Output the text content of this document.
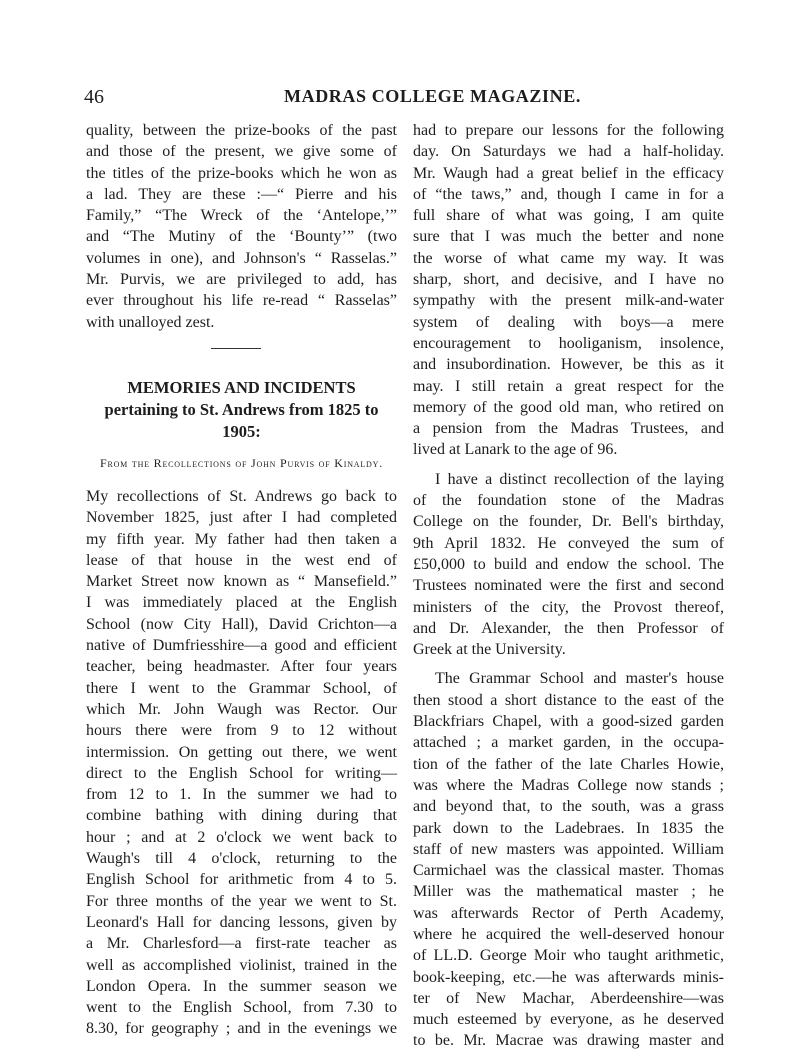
46	MADRAS COLLEGE MAGAZINE.
quality, between the prize-books of the past
and those of the present, we give some of
the titles of the prize-books which he won as
a lad. They are these :—“ Pierre and his
Family,” “The Wreck of the ‘Antelope,’”
and “The Mutiny of the ‘Bounty’” (two
volumes in one), and Johnson's “ Rasselas.”
Mr. Purvis, we are privileged to add, has
ever throughout his life re-read “ Rasselas”
with unalloyed zest.
MEMORIES AND INCIDENTS
pertaining to St. Andrews from 1825 to 1905:
From the Recollections of John Purvis of Kinaldy.
My recollections of St. Andrews go back to
November 1825, just after I had completed
my fifth year. My father had then taken a
lease of that house in the west end of
Market Street now known as “ Mansefield.”
I was immediately placed at the English
School (now City Hall), David Crichton—a
native of Dumfriesshire—a good and efficient
teacher, being headmaster. After four years
there I went to the Grammar School, of
which Mr. John Waugh was Rector. Our
hours there were from 9 to 12 without
intermission. On getting out there, we went
direct to the English School for writing—
from 12 to 1. In the summer we had to
combine bathing with dining during that
hour ; and at 2 o'clock we went back to
Waugh's till 4 o'clock, returning to the
English School for arithmetic from 4 to 5.
For three months of the year we went to St.
Leonard's Hall for dancing lessons, given by
a Mr. Charlesford—a first-rate teacher as
well as accomplished violinist, trained in the
London Opera. In the summer season we
went to the English School, from 7.30 to
8.30, for geography ; and in the evenings we
had to prepare our lessons for the following
day. On Saturdays we had a half-holiday.
Mr. Waugh had a great belief in the efficacy
of “the taws,” and, though I came in for a
full share of what was going, I am quite
sure that I was much the better and none
the worse of what came my way. It was
sharp, short, and decisive, and I have no
sympathy with the present milk-and-water
system of dealing with boys—a mere
encouragement to hooliganism, insolence,
and insubordination. However, be this as it
may. I still retain a great respect for the
memory of the good old man, who retired on
a pension from the Madras Trustees, and
lived at Lanark to the age of 96.
I have a distinct recollection of the laying
of the foundation stone of the Madras
College on the founder, Dr. Bell's birthday,
9th April 1832. He conveyed the sum of
£50,000 to build and endow the school. The
Trustees nominated were the first and second
ministers of the city, the Provost thereof,
and Dr. Alexander, the then Professor of
Greek at the University.
The Grammar School and master's house
then stood a short distance to the east of the
Blackfriars Chapel, with a good-sized garden
attached ; a market garden, in the occupa-
tion of the father of the late Charles Howie,
was where the Madras College now stands ;
and beyond that, to the south, was a grass
park down to the Ladebraes. In 1835 the
staff of new masters was appointed. William
Carmichael was the classical master. Thomas
Miller was the mathematical master ; he
was afterwards Rector of Perth Academy,
where he acquired the well-deserved honour
of LL.D. George Moir who taught arithmetic,
book-keeping, etc.—he was afterwards minis-
ter of New Machar, Aberdeenshire—was
much esteemed by everyone, as he deserved
to be. Mr. Macrae was drawing master and
